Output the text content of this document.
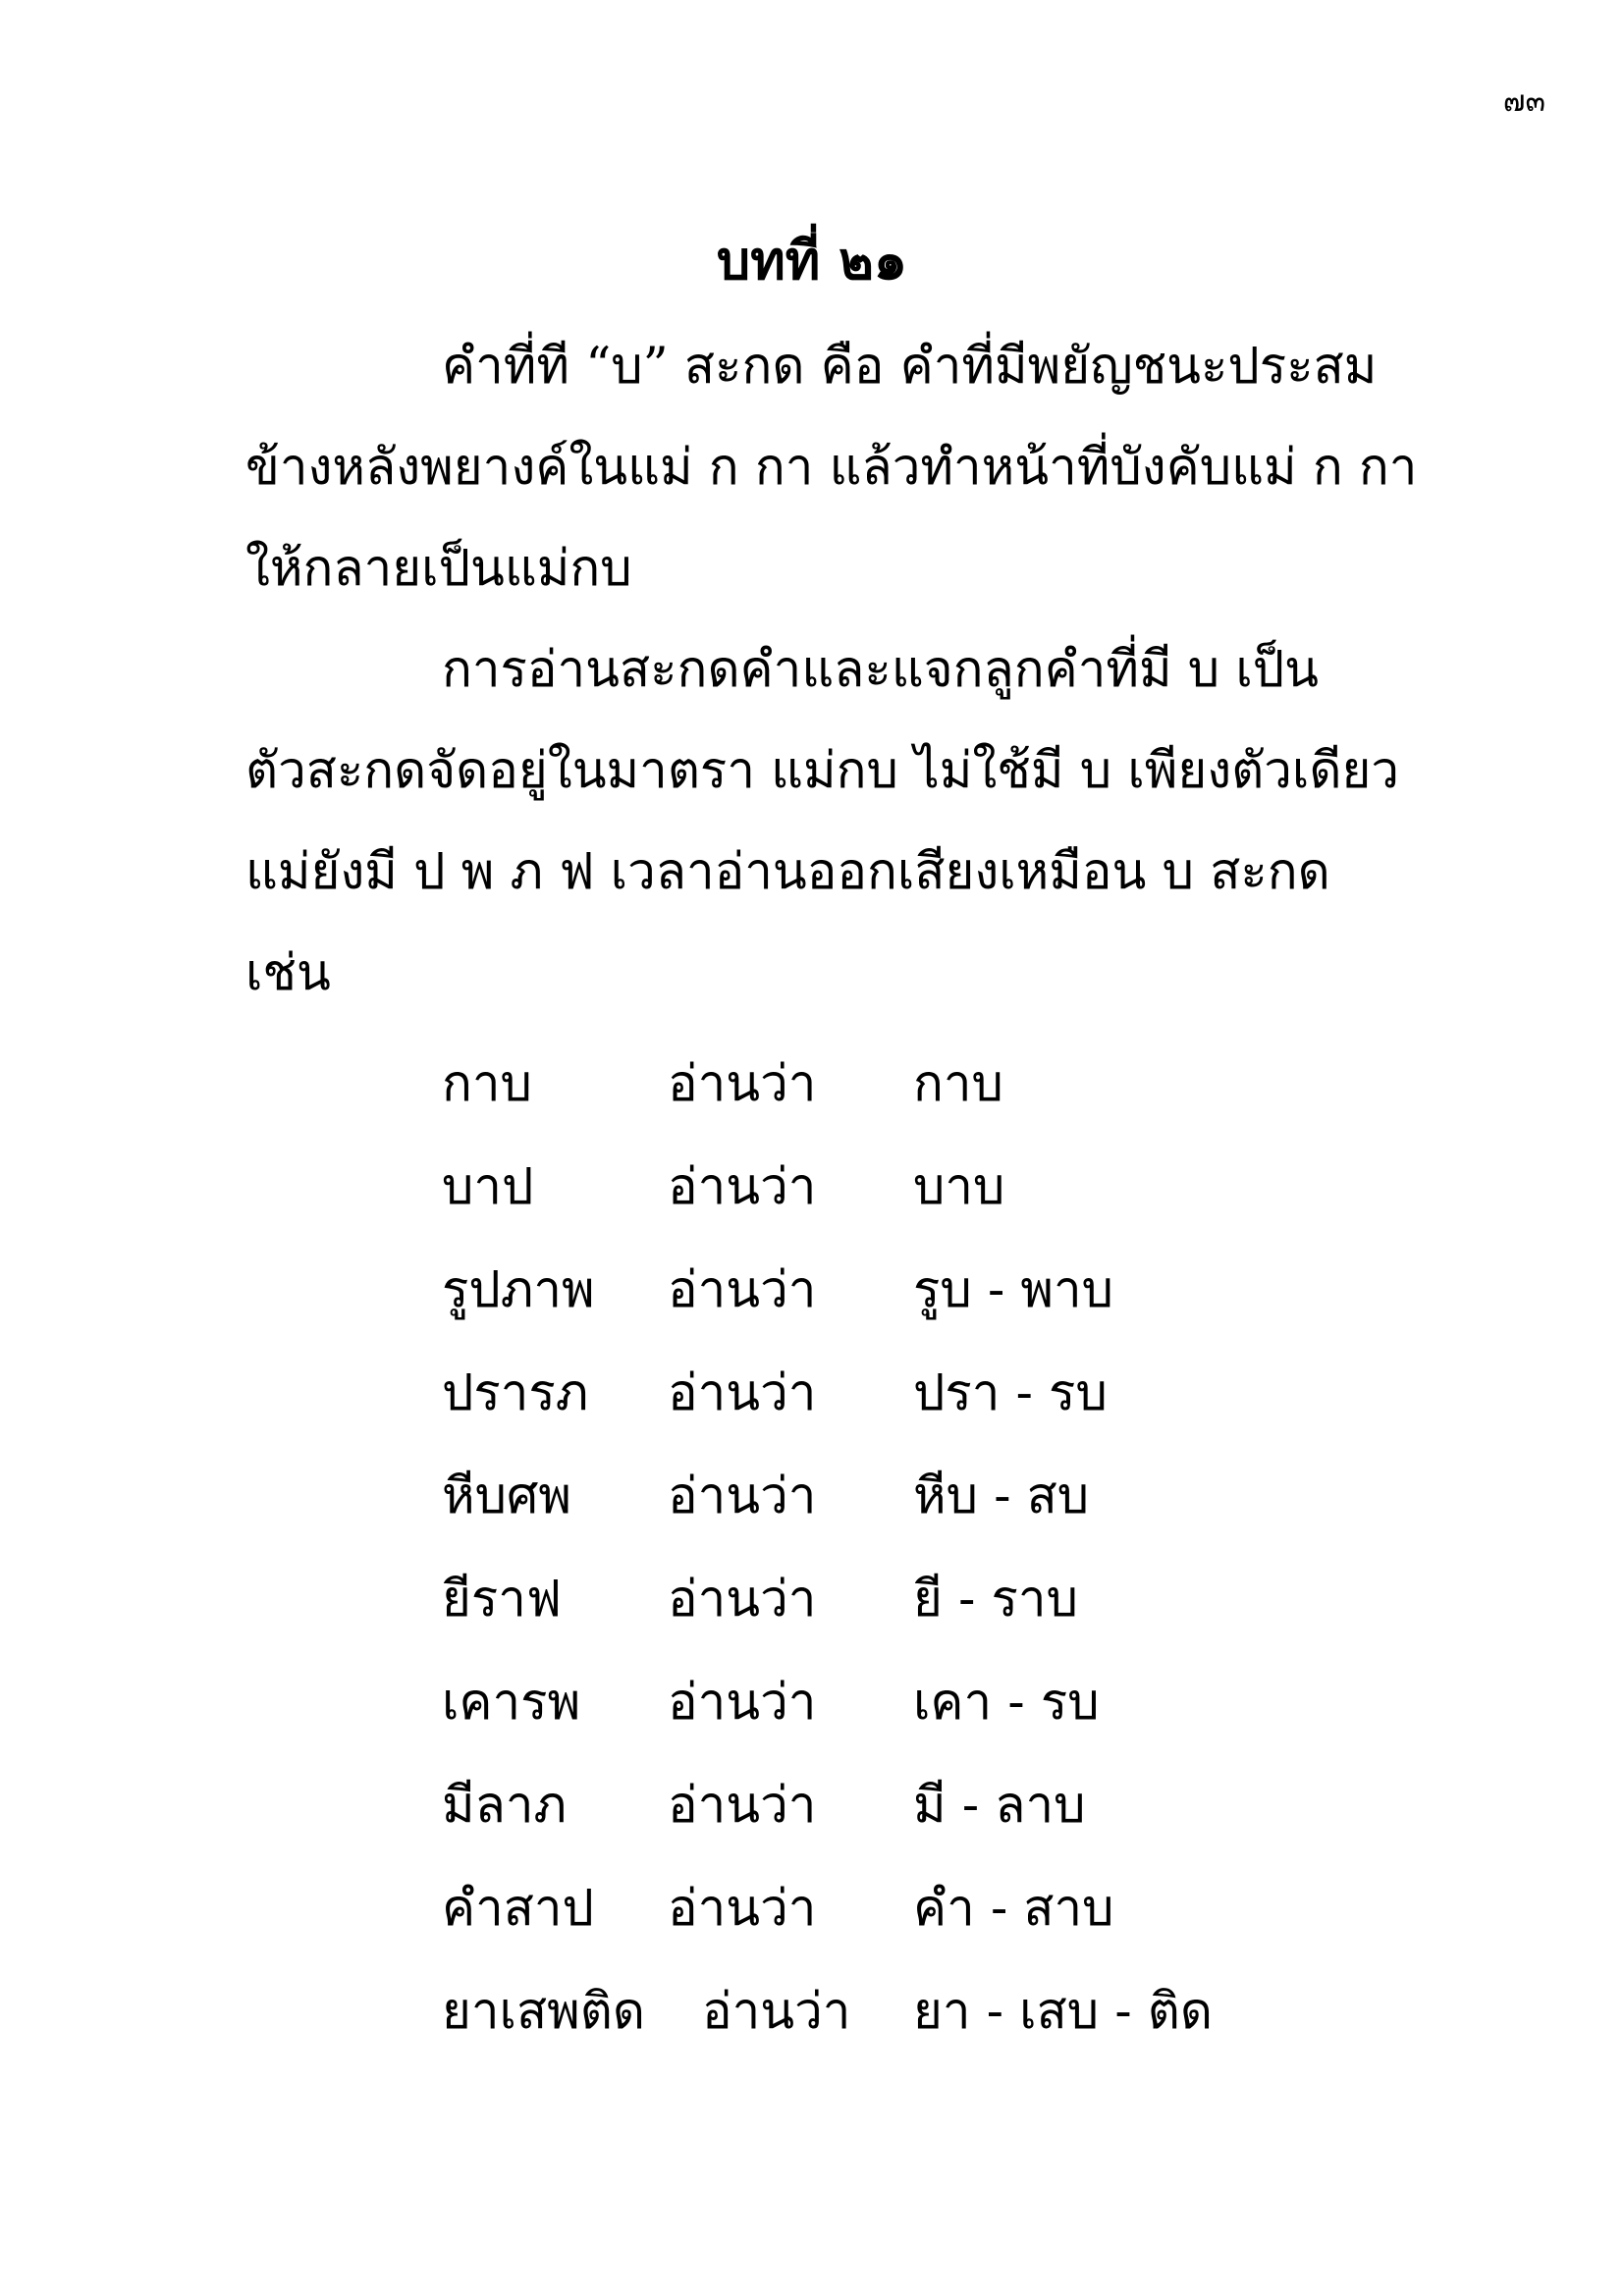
๗๓
บทที่ ๒๑
คำที่ที “บ” สะกด คือ คำที่มีพยัญชนะประสม
ข้างหลังพยางค์ในแม่ ก กา แล้วทำหน้าที่บังคับแม่ ก กา
ให้กลายเป็นแม่กบ
การอ่านสะกดคำและแจกลูกคำที่มี บ เป็น
ตัวสะกดจัดอยู่ในมาตรา แม่กบ ไม่ใช้มี บ เพียงตัวเดียว
แม่ยังมี ป พ ภ ฟ เวลาอ่านออกเสียงเหมือน บ สะกด
เช่น
กาบ	อ่านว่า	กาบ
บาป	อ่านว่า	บาบ
รูปภาพ	อ่านว่า	รูบ - พาบ
ปรารภ	อ่านว่า	ปรา - รบ
หีบศพ	อ่านว่า	หีบ - สบ
ยีราฟ	อ่านว่า	ยี - ราบ
เคารพ	อ่านว่า	เคา - รบ
มีลาภ	อ่านว่า	มี - ลาบ
คำสาป	อ่านว่า	คำ - สาบ
ยาเสพติด	อ่านว่า	ยา - เสบ - ติด
